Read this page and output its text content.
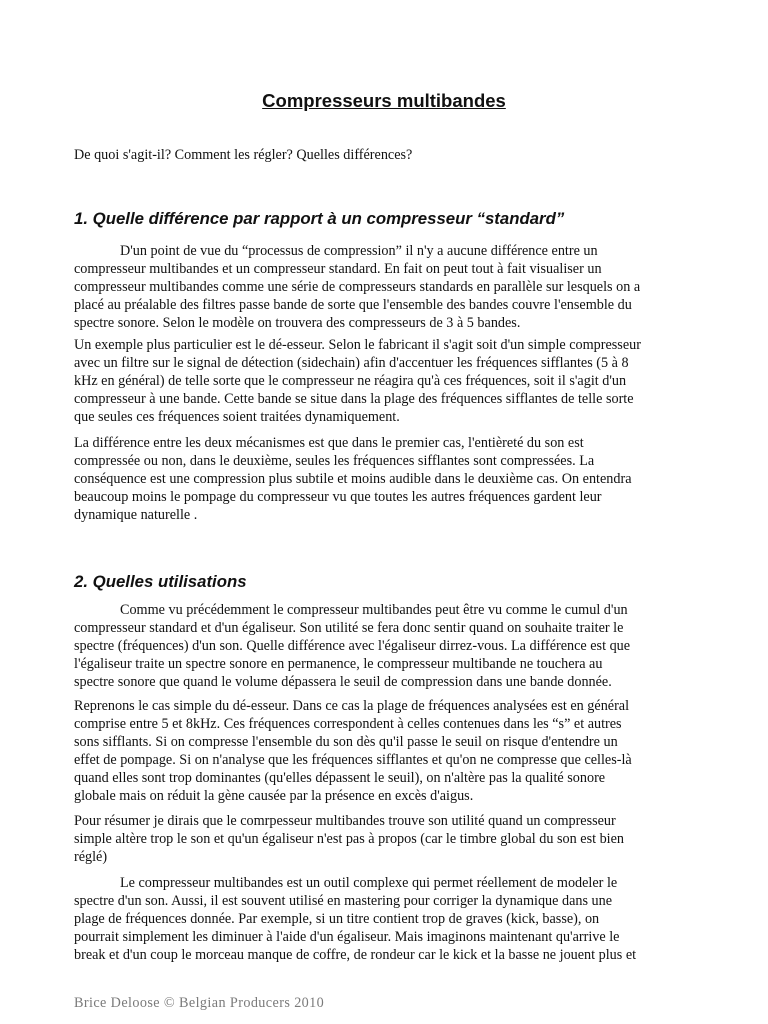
Compresseurs multibandes

De quoi s'agit-il? Comment les régler? Quelles différences?

1. Quelle différence par rapport à un compresseur “standard”
D'un point de vue du “processus de compression” il n'y a aucune différence entre un
compresseur multibandes et un compresseur standard. En fait on peut tout à fait visualiser un
compresseur multibandes comme une série de compresseurs standards en parallèle sur lesquels on a
placé au préalable des filtres passe bande de sorte que l'ensemble des bandes couvre l'ensemble du
spectre sonore. Selon le modèle on trouvera des compresseurs de 3 à 5 bandes.
Un exemple plus particulier est le dé-esseur. Selon le fabricant il s'agit soit d'un simple compresseur
avec un filtre sur le signal de détection (sidechain) afin d'accentuer les fréquences sifflantes (5 à 8
kHz en général) de telle sorte que le compresseur ne réagira qu'à ces fréquences, soit il s'agit d'un
compresseur à une bande. Cette bande se situe dans la plage des fréquences sifflantes de telle sorte
que seules ces fréquences soient traitées dynamiquement.
La différence entre les deux mécanismes est que dans le premier cas, l'entièreté du son est
compressée ou non, dans le deuxième, seules les fréquences sifflantes sont compressées. La
conséquence est une compression plus subtile et moins audible dans le deuxième cas. On entendra
beaucoup moins le pompage du compresseur vu que toutes les autres fréquences gardent leur
dynamique naturelle .
2. Quelles utilisations
Comme vu précédemment le compresseur multibandes peut être vu comme le cumul d'un
compresseur standard et d'un égaliseur. Son utilité se fera donc sentir quand on souhaite traiter le
spectre (fréquences) d'un son. Quelle différence avec l'égaliseur dirrez-vous. La différence est que
l'égaliseur traite un spectre sonore en permanence, le compresseur multibande ne touchera au
spectre sonore que quand le volume dépassera le seuil de compression dans une bande donnée.
Reprenons le cas simple du dé-esseur. Dans ce cas la plage de fréquences analysées est en général
comprise entre 5 et 8kHz. Ces fréquences correspondent à celles contenues dans les “s” et autres
sons sifflants. Si on compresse l'ensemble du son dès qu'il passe le seuil on risque d'entendre un
effet de pompage. Si on n'analyse que les fréquences sifflantes et qu'on ne compresse que celles-là
quand elles sont trop dominantes (qu'elles dépassent le seuil), on n'altère pas la qualité sonore
globale mais on réduit la gène causée par la présence en excès d'aigus.
Pour résumer je dirais que le comrpesseur multibandes trouve son utilité quand un compresseur
simple altère trop le son et qu'un égaliseur n'est pas à propos (car le timbre global du son est bien
réglé)
Le compresseur multibandes est un outil complexe qui permet réellement de modeler le
spectre d'un son. Aussi, il est souvent utilisé en mastering pour corriger la dynamique dans une
plage de fréquences donnée. Par exemple, si un titre contient trop de graves (kick, basse), on
pourrait simplement les diminuer à l'aide d'un égaliseur. Mais imaginons maintenant qu'arrive le
break et d'un coup le morceau manque de coffre, de rondeur car le kick et la basse ne jouent plus et

Brice Deloose © Belgian Producers 2010
